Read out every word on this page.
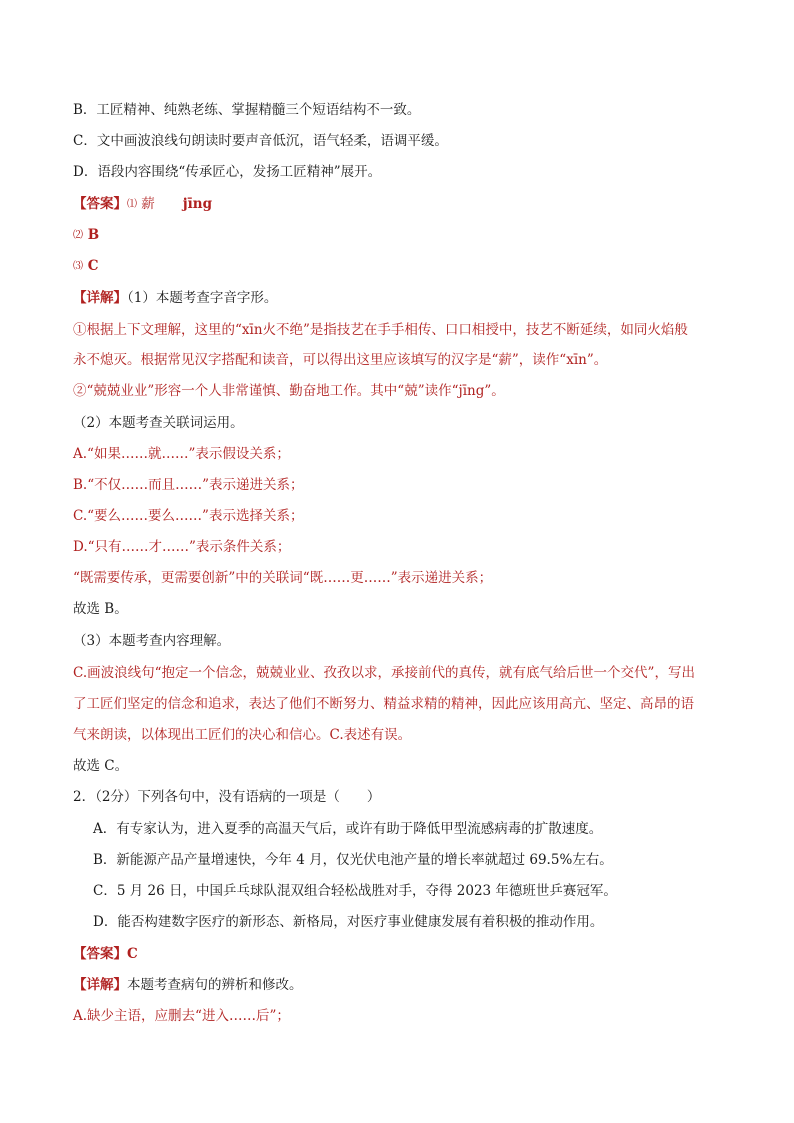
B．工匠精神、纯熟老练、掌握精髓三个短语结构不一致。
C．文中画波浪线句朗读时要声音低沉，语气轻柔，语调平缓。
D．语段内容围绕“传承匠心，发扬工匠精神”展开。
【答案】⑴ 薪 jīng
⑵ B
⑶ C
【详解】（1）本题考查字音字形。
①根据上下文理解，这里的“xīn火不绝”是指技艺在手手相传、口口相授中，技艺不断延续，如同火焰般
永不熄灭。根据常见汉字搭配和读音，可以得出这里应该填写的汉字是“薪”，读作“xīn”。
②“兢兢业业”形容一个人非常谨慎、勤奋地工作。其中“兢”读作“jīng”。
（2）本题考查关联词运用。
A.“如果……就……”表示假设关系；
B.“不仅……而且……”表示递进关系；
C.“要么……要么……”表示选择关系；
D.“只有……才……”表示条件关系；
“既需要传承，更需要创新”中的关联词“既……更……”表示递进关系；
故选 B。
（3）本题考查内容理解。
C.画波浪线句“抱定一个信念，兢兢业业、孜孜以求，承接前代的真传，就有底气给后世一个交代”，写出
了工匠们坚定的信念和追求，表达了他们不断努力、精益求精的精神，因此应该用高亢、坚定、高昂的语
气来朗读，以体现出工匠们的决心和信心。C.表述有误。
故选 C。
2．（2分）下列各句中，没有语病的一项是（　　）
A．有专家认为，进入夏季的高温天气后，或许有助于降低甲型流感病毒的扩散速度。
B．新能源产品产量增速快，今年 4 月，仅光伏电池产量的增长率就超过 69.5%左右。
C．5 月 26 日，中国乒乓球队混双组合轻松战胜对手，夺得 2023 年德班世乒赛冠军。
D．能否构建数字医疗的新形态、新格局，对医疗事业健康发展有着积极的推动作用。
【答案】C
【详解】本题考查病句的辨析和修改。
A.缺少主语，应删去“进入……后”；
